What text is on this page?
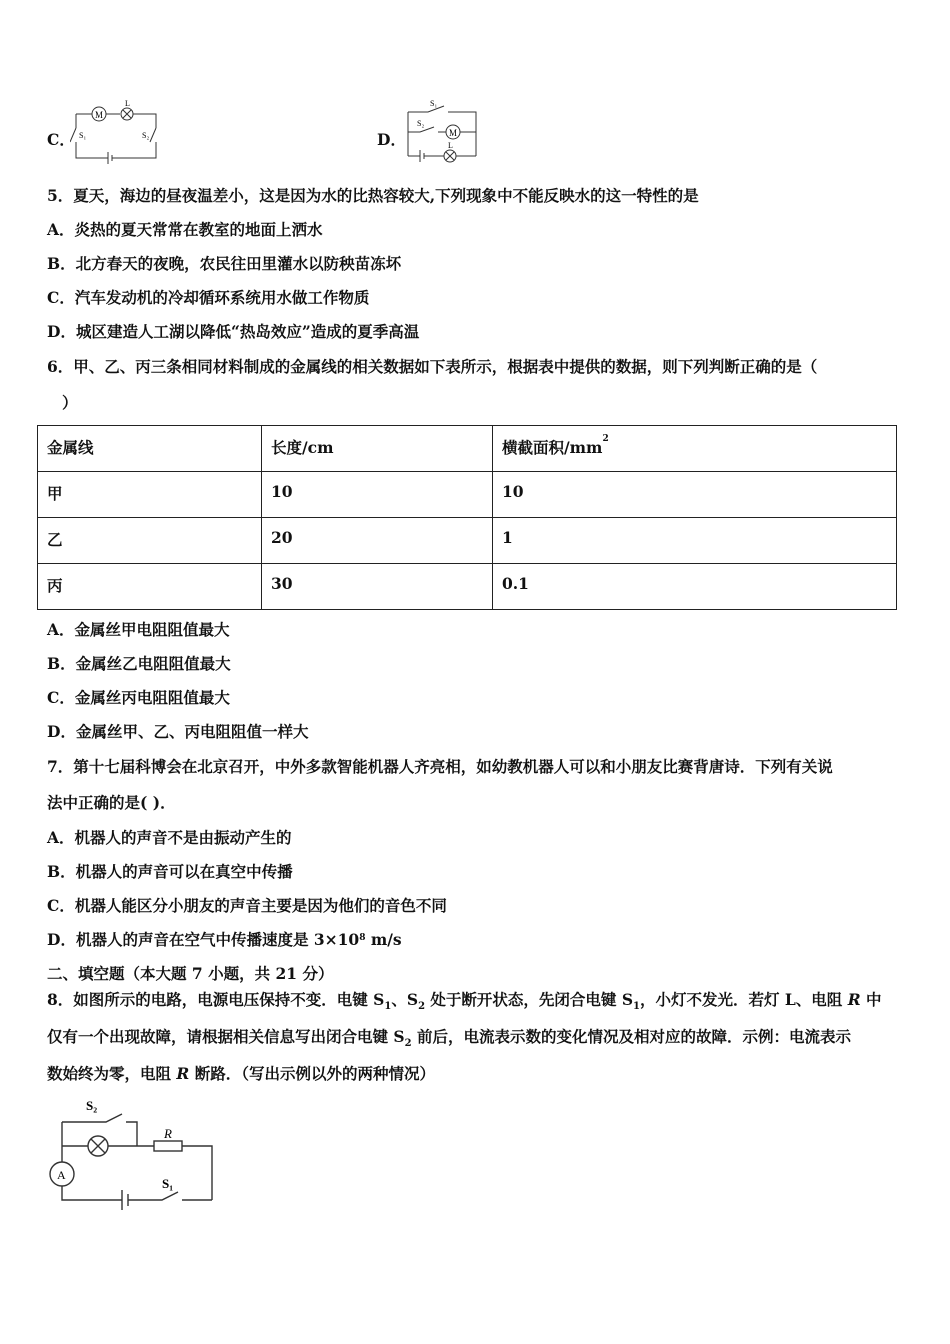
C．
M
L
S₁	S₂	D．
S₁
S₂
M
L
5．夏天，海边的昼夜温差小，这是因为水的比热容较大,下列现象中不能反映水的这一特性的是
A．炎热的夏天常常在教室的地面上洒水
B．北方春天的夜晚，农民往田里灌水以防秧苗冻坏
C．汽车发动机的冷却循环系统用水做工作物质
D．城区建造人工湖以降低“热岛效应”造成的夏季高温
6．甲、乙、丙三条相同材料制成的金属线的相关数据如下表所示，根据表中提供的数据，则下列判断正确的是（
）
金属线	长度/cm	横截面积$/mm^2$
甲	10	10
乙	20	1
丙	30	0.1
A．金属丝甲电阻阻值最大
B．金属丝乙电阻阻值最大
C．金属丝丙电阻阻值最大
D．金属丝甲、乙、丙电阻阻值一样大
7．第十七届科博会在北京召开，中外多款智能机器人齐亮相，如幼教机器人可以和小朋友比赛背唐诗．下列有关说
法中正确的是( )．
A．机器人的声音不是由振动产生的
B．机器人的声音可以在真空中传播
C．机器人能区分小朋友的声音主要是因为他们的音色不同
D．机器人的声音在空气中传播速度是 $3\times 10^8$ m/s
二、填空题（本大题 7 小题，共 21 分）
8．如图所示的电路，电源电压保持不变．电键 $S_1$、$S_2$ 处于断开状态，先闭合电键 $S_1$，小灯不发光．若灯 L、电阻 R 中
仅有一个出现故障，请根据相关信息写出闭合电键 $S_2$ 前后，电流表示数的变化情况及相对应的故障．示例：电流表示
数始终为零，电阻 R 断路．（写出示例以外的两种情况）
S₂
R
A
S₁
